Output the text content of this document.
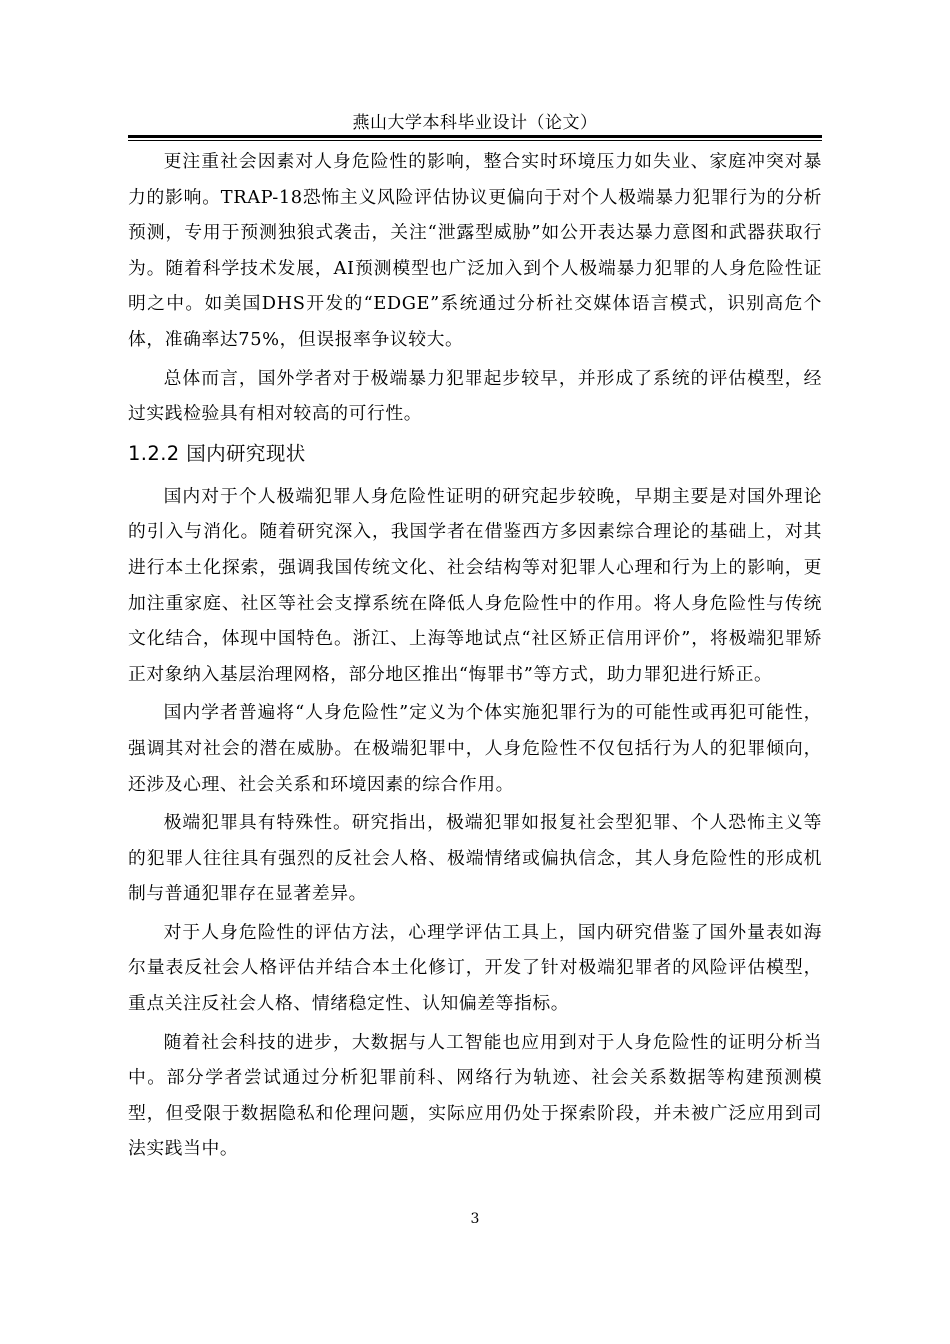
燕山大学本科毕业设计（论文）

更注重社会因素对人身危险性的影响，整合实时环境压力如失业、家庭冲突对暴力的影响。TRAP-18恐怖主义风险评估协议更偏向于对个人极端暴力犯罪行为的分析预测，专用于预测独狼式袭击，关注“泄露型威胁”如公开表达暴力意图和武器获取行为。随着科学技术发展，AI预测模型也广泛加入到个人极端暴力犯罪的人身危险性证明之中。如美国DHS开发的“EDGE”系统通过分析社交媒体语言模式，识别高危个体，准确率达75%，但误报率争议较大。

总体而言，国外学者对于极端暴力犯罪起步较早，并形成了系统的评估模型，经过实践检验具有相对较高的可行性。

1.2.2 国内研究现状

国内对于个人极端犯罪人身危险性证明的研究起步较晚，早期主要是对国外理论的引入与消化。随着研究深入，我国学者在借鉴西方多因素综合理论的基础上，对其进行本土化探索，强调我国传统文化、社会结构等对犯罪人心理和行为上的影响，更加注重家庭、社区等社会支撑系统在降低人身危险性中的作用。将人身危险性与传统文化结合，体现中国特色。浙江、上海等地试点“社区矫正信用评价”，将极端犯罪矫正对象纳入基层治理网格，部分地区推出“悔罪书”等方式，助力罪犯进行矫正。

国内学者普遍将“人身危险性”定义为个体实施犯罪行为的可能性或再犯可能性，强调其对社会的潜在威胁。在极端犯罪中，人身危险性不仅包括行为人的犯罪倾向，还涉及心理、社会关系和环境因素的综合作用。

极端犯罪具有特殊性。研究指出，极端犯罪如报复社会型犯罪、个人恐怖主义等的犯罪人往往具有强烈的反社会人格、极端情绪或偏执信念，其人身危险性的形成机制与普通犯罪存在显著差异。

对于人身危险性的评估方法，心理学评估工具上，国内研究借鉴了国外量表如海尔量表反社会人格评估并结合本土化修订，开发了针对极端犯罪者的风险评估模型，重点关注反社会人格、情绪稳定性、认知偏差等指标。

随着社会科技的进步，大数据与人工智能也应用到对于人身危险性的证明分析当中。部分学者尝试通过分析犯罪前科、网络行为轨迹、社会关系数据等构建预测模型，但受限于数据隐私和伦理问题，实际应用仍处于探索阶段，并未被广泛应用到司法实践当中。

3
